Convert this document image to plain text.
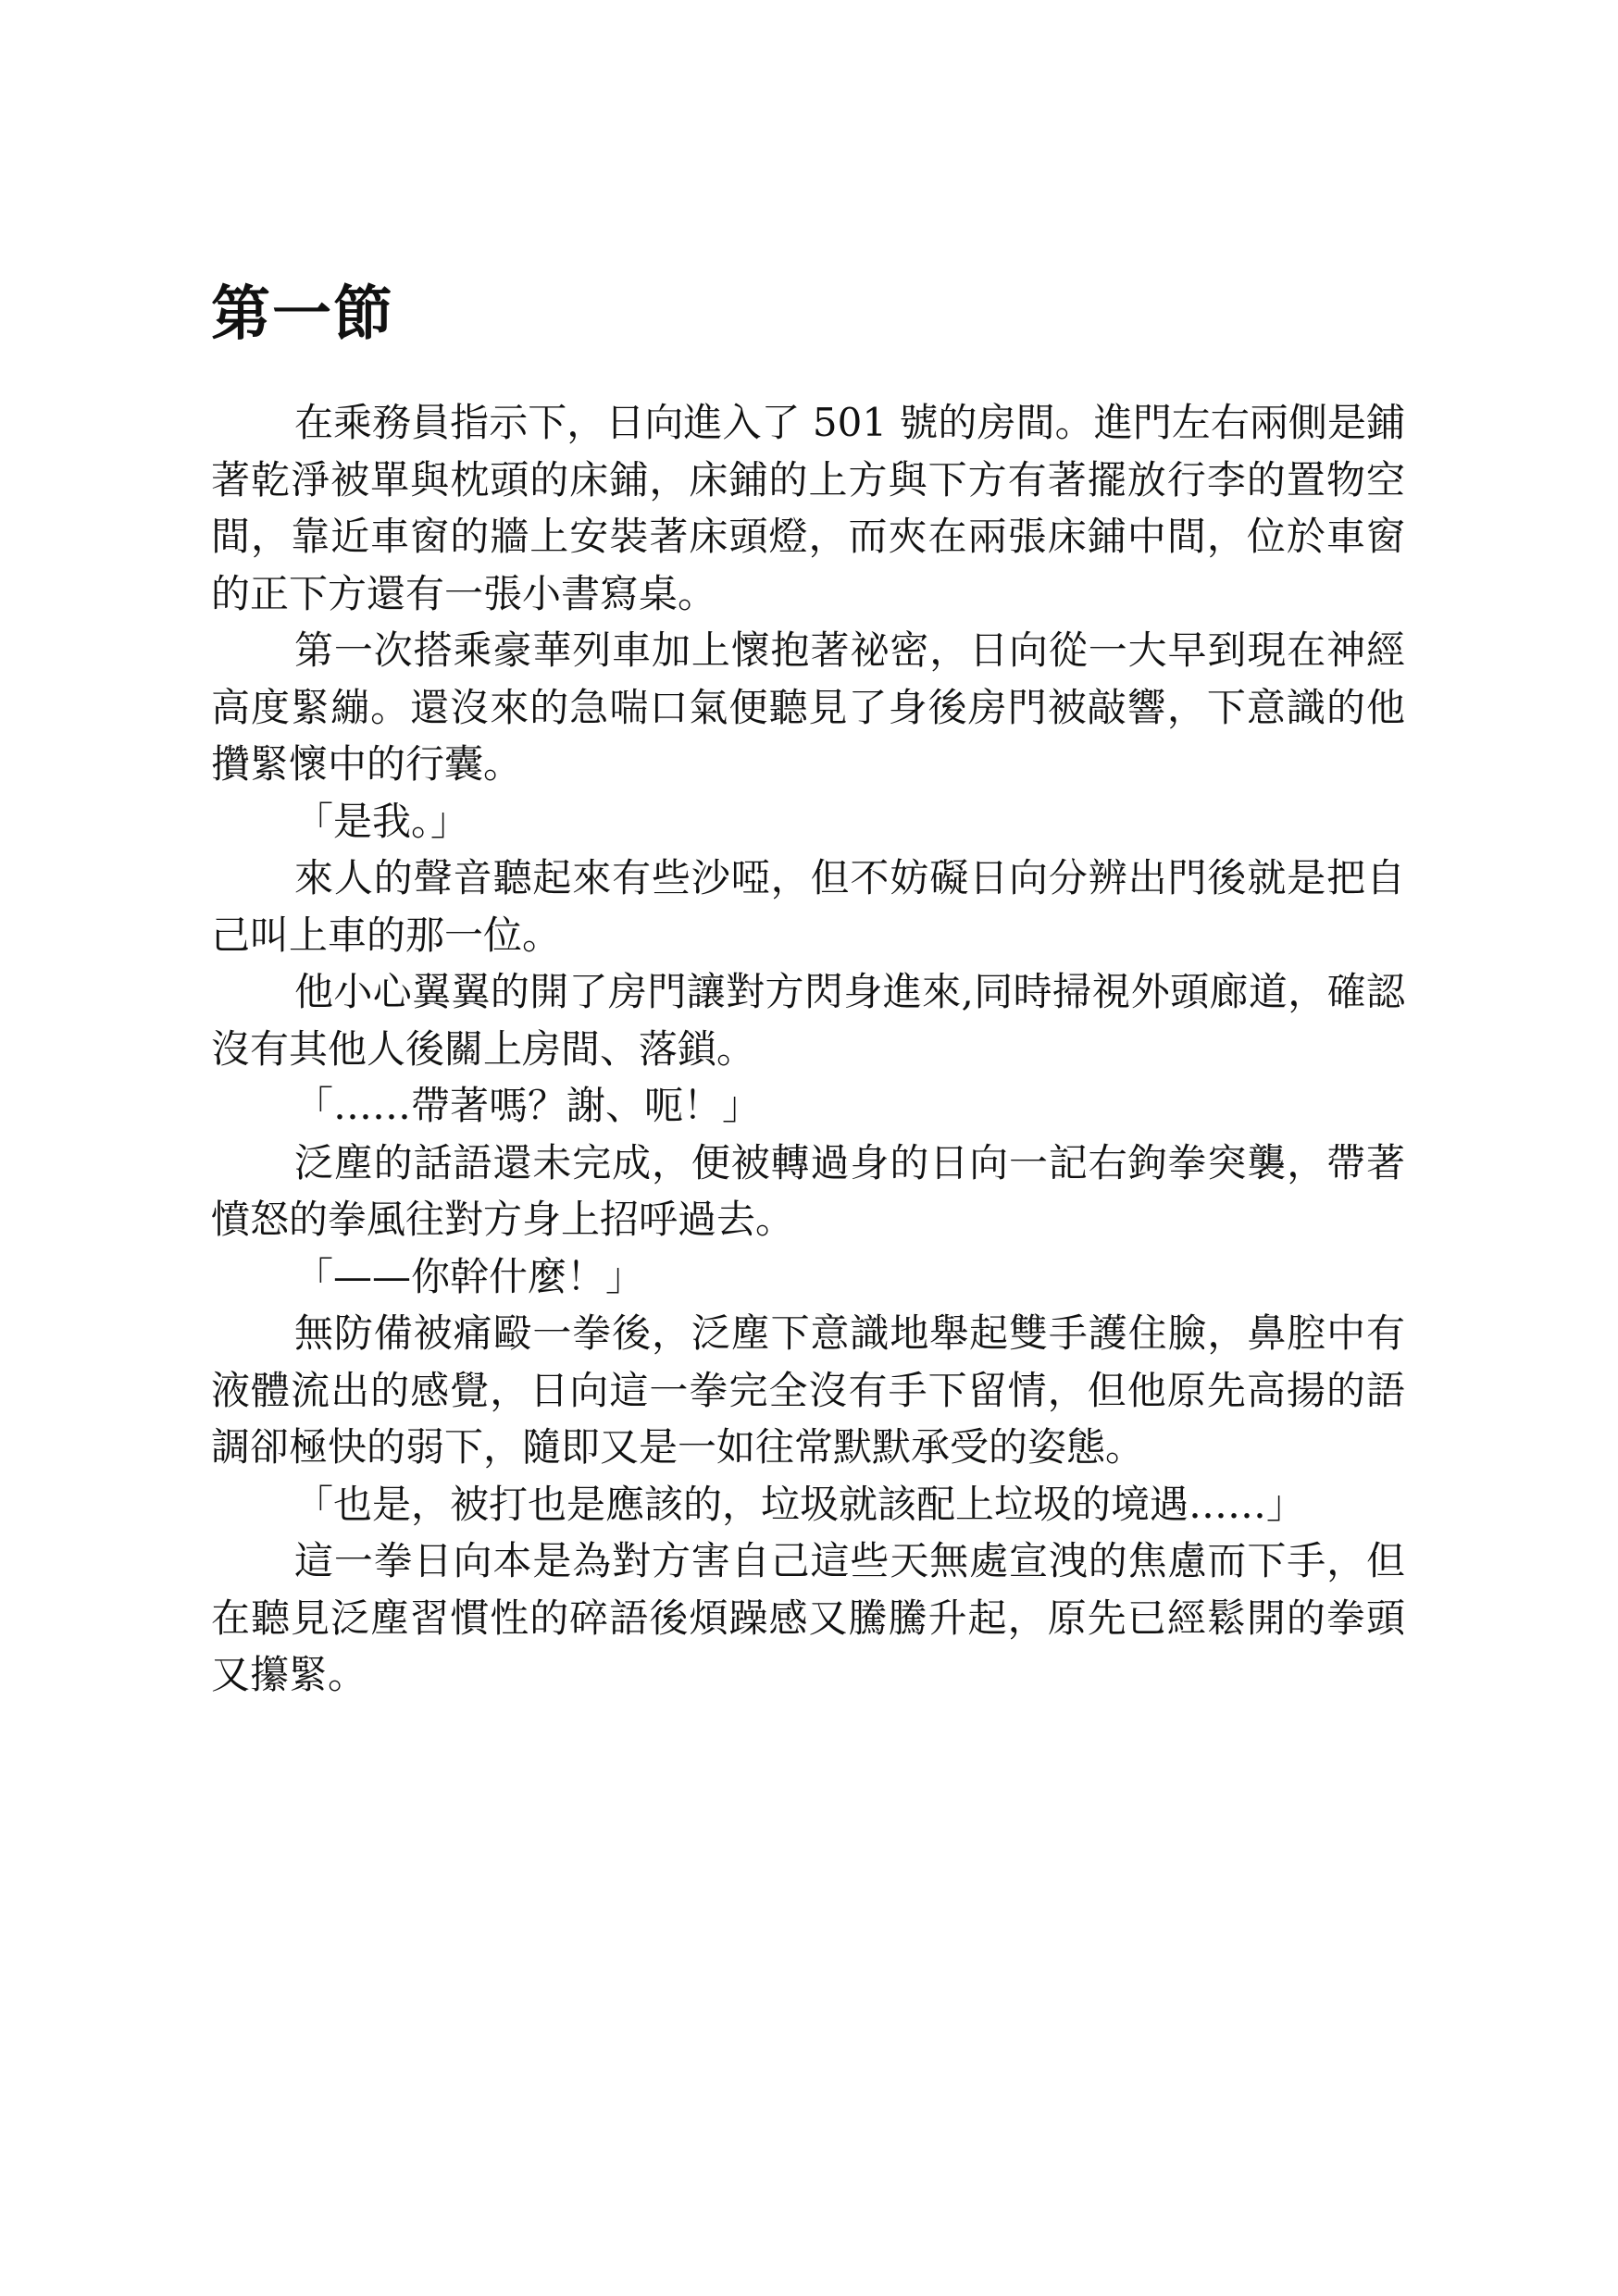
第一節

在乘務員指示下，日向進入了 501 號的房間。進門左右兩側是鋪著乾淨被單與枕頭的床鋪，床鋪的上方與下方有著擺放行李的置物空間，靠近車窗的牆上安裝著床頭燈，而夾在兩張床鋪中間，位於車窗的正下方還有一張小書寫桌。

第一次搭乘豪華列車加上懷抱著祕密，日向從一大早到現在神經高度緊繃。還沒來的急喘口氣便聽見了身後房門被敲響，下意識的他攢緊懷中的行囊。

「是我。」

來人的聲音聽起來有些沙啞，但不妨礙日向分辨出門後就是把自己叫上車的那一位。

他小心翼翼的開了房門讓對方閃身進來,同時掃視外頭廊道，確認沒有其他人後關上房間、落鎖。

「……帶著嗎？謝、呃！」

泛塵的話語還未完成，便被轉過身的日向一記右鉤拳突襲，帶著憤怒的拳風往對方身上招呼過去。

「——你幹什麼！」

無防備被痛毆一拳後，泛塵下意識地舉起雙手護住臉，鼻腔中有液體流出的感覺，日向這一拳完全沒有手下留情，但他原先高揚的語調卻極快的弱下，隨即又是一如往常默默承受的姿態。

「也是，被打也是應該的，垃圾就該配上垃圾的境遇……」

這一拳日向本是為對方害自己這些天無處宣洩的焦慮而下手，但在聽見泛塵習慣性的碎語後煩躁感又騰騰升起，原先已經鬆開的拳頭又攥緊。
